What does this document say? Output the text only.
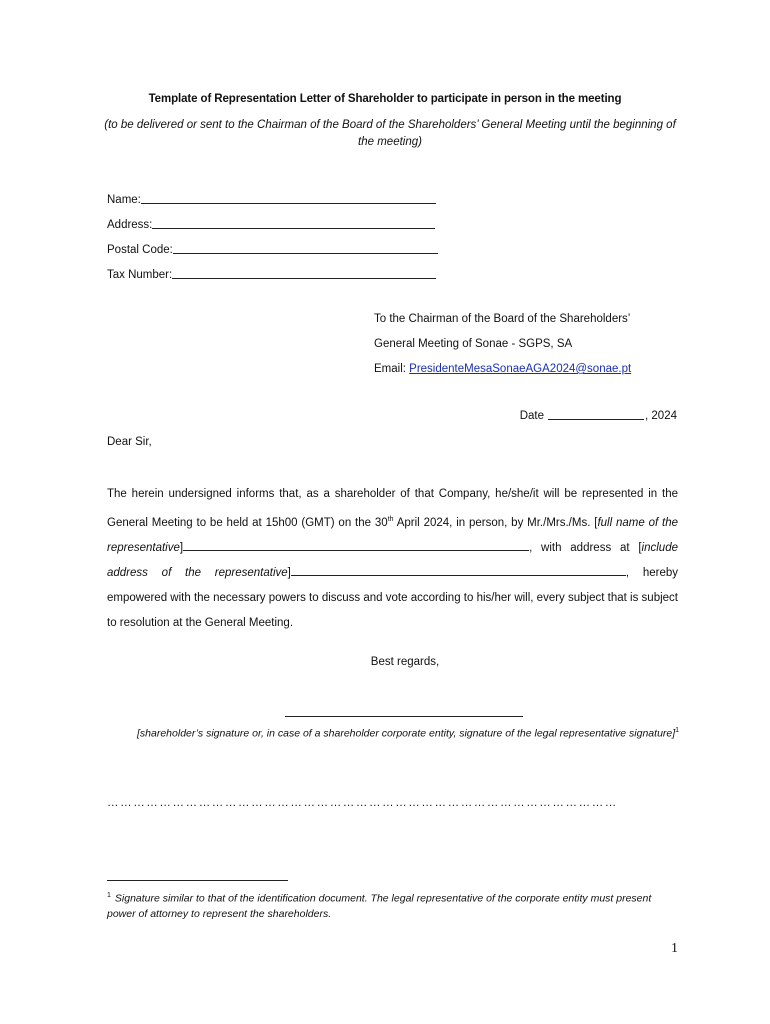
Template of Representation Letter of Shareholder to participate in person in the meeting
(to be delivered or sent to the Chairman of the Board of the Shareholders’ General Meeting until the beginning of the meeting)
Name:
Address:
Postal Code:
Tax Number:
To the Chairman of the Board of the Shareholders’
General Meeting of Sonae - SGPS, SA
Email: PresidenteMesaSonaeAGA2024@sonae.pt
Date	, 2024
Dear Sir,
The herein undersigned informs that, as a shareholder of that Company, he/she/it will be represented in the General Meeting to be held at 15h00 (GMT) on the 30th April 2024, in person, by Mr./Mrs./Ms. [full name of the representative]	, with address at [include address of the representative]	, hereby empowered with the necessary powers to discuss and vote according to his/her will, every subject that is subject to resolution at the General Meeting.
Best regards,
[shareholder’s signature or, in case of a shareholder corporate entity, signature of the legal representative signature]$^1$
………………………………………………………………………………………………………
$^1$ Signature similar to that of the identification document. The legal representative of the corporate entity must present power of attorney to represent the shareholders.
1
